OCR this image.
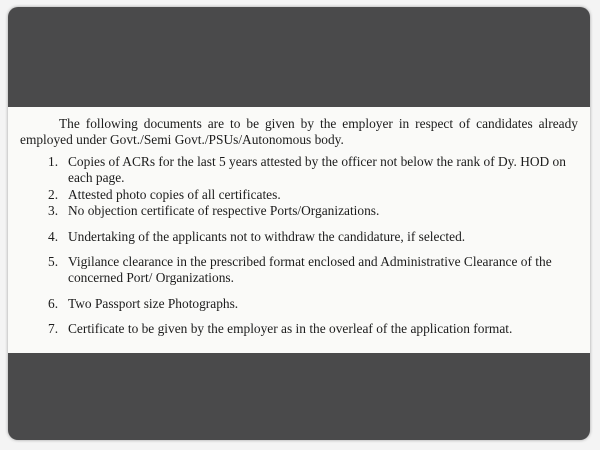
The following documents are to be given by the employer in respect of candidates already employed under Govt./Semi Govt./PSUs/Autonomous body.

1. Copies of ACRs for the last 5 years attested by the officer not below the rank of Dy. HOD on each page.
2. Attested photo copies of all certificates.
3. No objection certificate of respective Ports/Organizations.
4. Undertaking of the applicants not to withdraw the candidature, if selected.
5. Vigilance clearance in the prescribed format enclosed and Administrative Clearance of the concerned Port/ Organizations.
6. Two Passport size Photographs.
7. Certificate to be given by the employer as in the overleaf of the application format.
